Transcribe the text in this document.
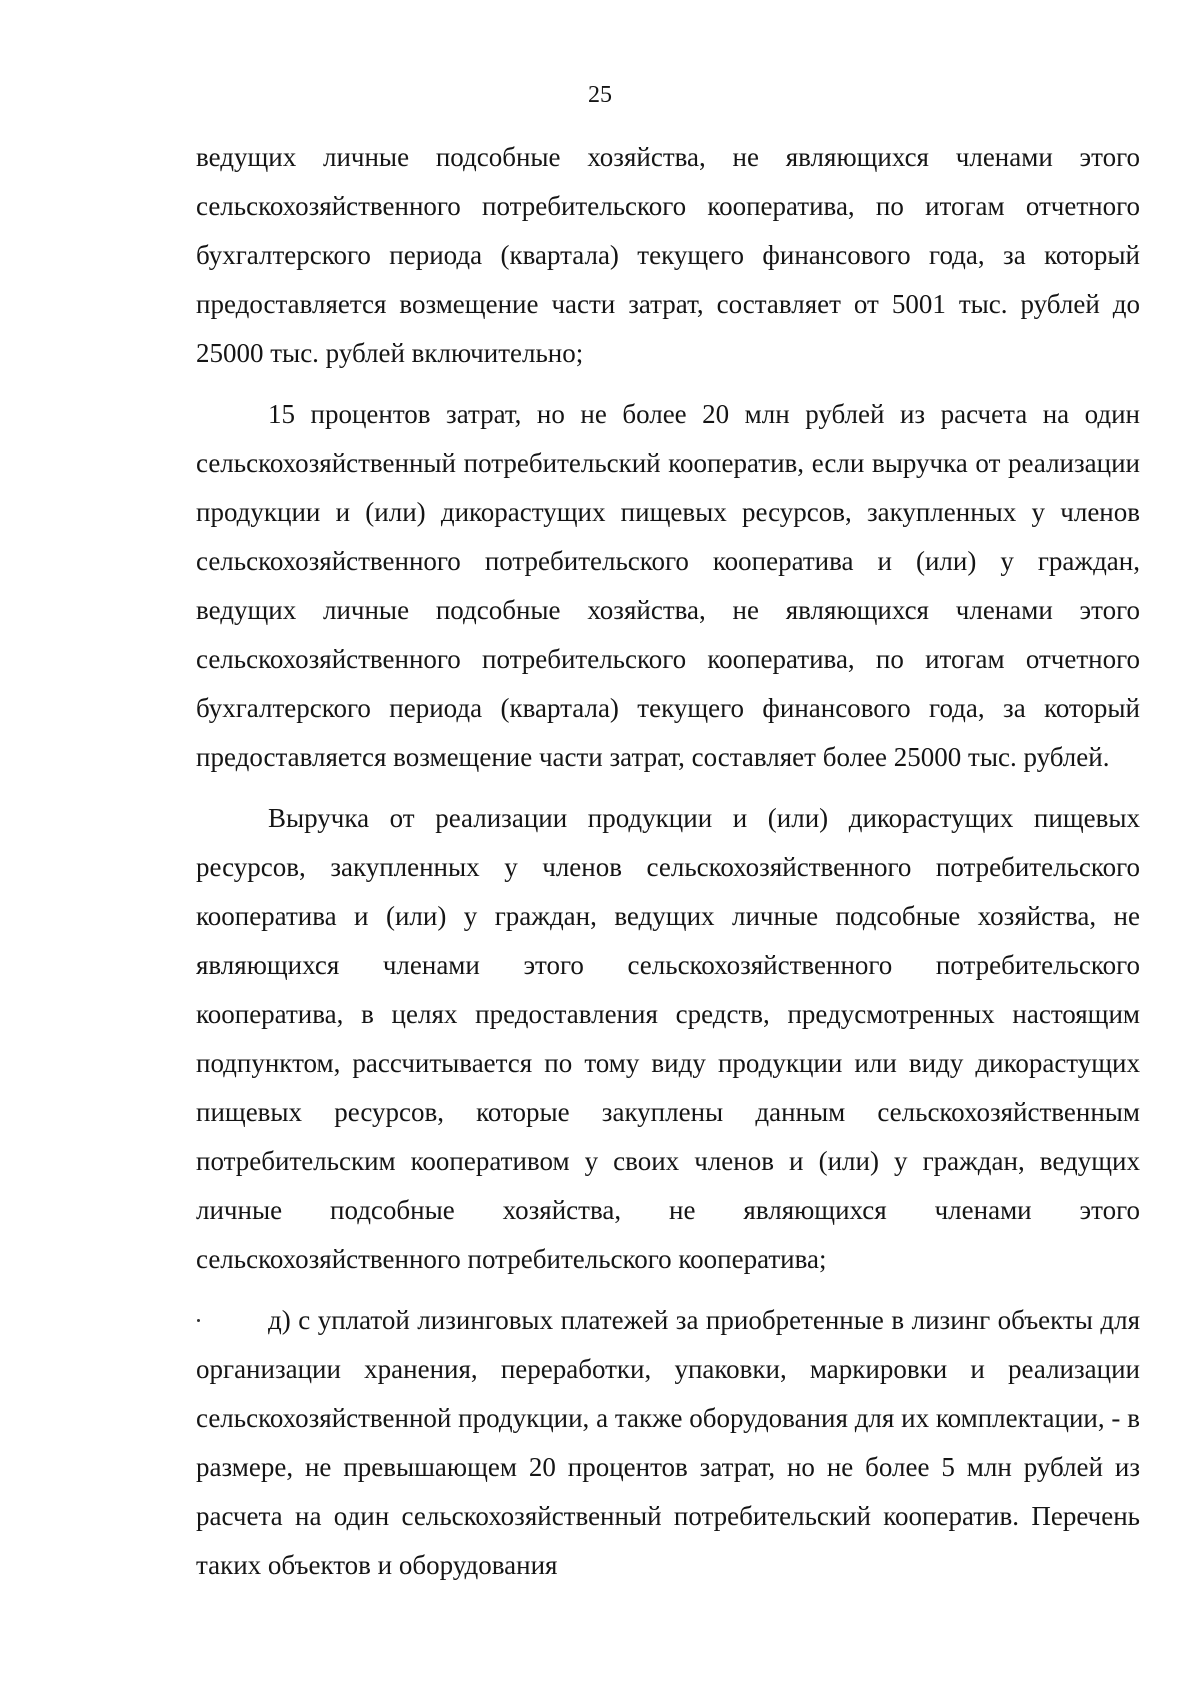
25

ведущих личные подсобные хозяйства, не являющихся членами этого сельскохозяйственного потребительского кооператива, по итогам отчетного бухгалтерского периода (квартала) текущего финансового года, за который предоставляется возмещение части затрат, составляет от 5001 тыс. рублей до 25000 тыс. рублей включительно;

15 процентов затрат, но не более 20 млн рублей из расчета на один сельскохозяйственный потребительский кооператив, если выручка от реализации продукции и (или) дикорастущих пищевых ресурсов, закупленных у членов сельскохозяйственного потребительского кооператива и (или) у граждан, ведущих личные подсобные хозяйства, не являющихся членами этого сельскохозяйственного потребительского кооператива, по итогам отчетного бухгалтерского периода (квартала) текущего финансового года, за который предоставляется возмещение части затрат, составляет более 25000 тыс. рублей.

Выручка от реализации продукции и (или) дикорастущих пищевых ресурсов, закупленных у членов сельскохозяйственного потребительского кооператива и (или) у граждан, ведущих личные подсобные хозяйства, не являющихся членами этого сельскохозяйственного потребительского кооператива, в целях предоставления средств, предусмотренных настоящим подпунктом, рассчитывается по тому виду продукции или виду дикорастущих пищевых ресурсов, которые закуплены данным сельскохозяйственным потребительским кооперативом у своих членов и (или) у граждан, ведущих личные подсобные хозяйства, не являющихся членами этого сельскохозяйственного потребительского кооператива;

д) с уплатой лизинговых платежей за приобретенные в лизинг объекты для организации хранения, переработки, упаковки, маркировки и реализации сельскохозяйственной продукции, а также оборудования для их комплектации, - в размере, не превышающем 20 процентов затрат, но не более 5 млн рублей из расчета на один сельскохозяйственный потребительский кооператив. Перечень таких объектов и оборудования
